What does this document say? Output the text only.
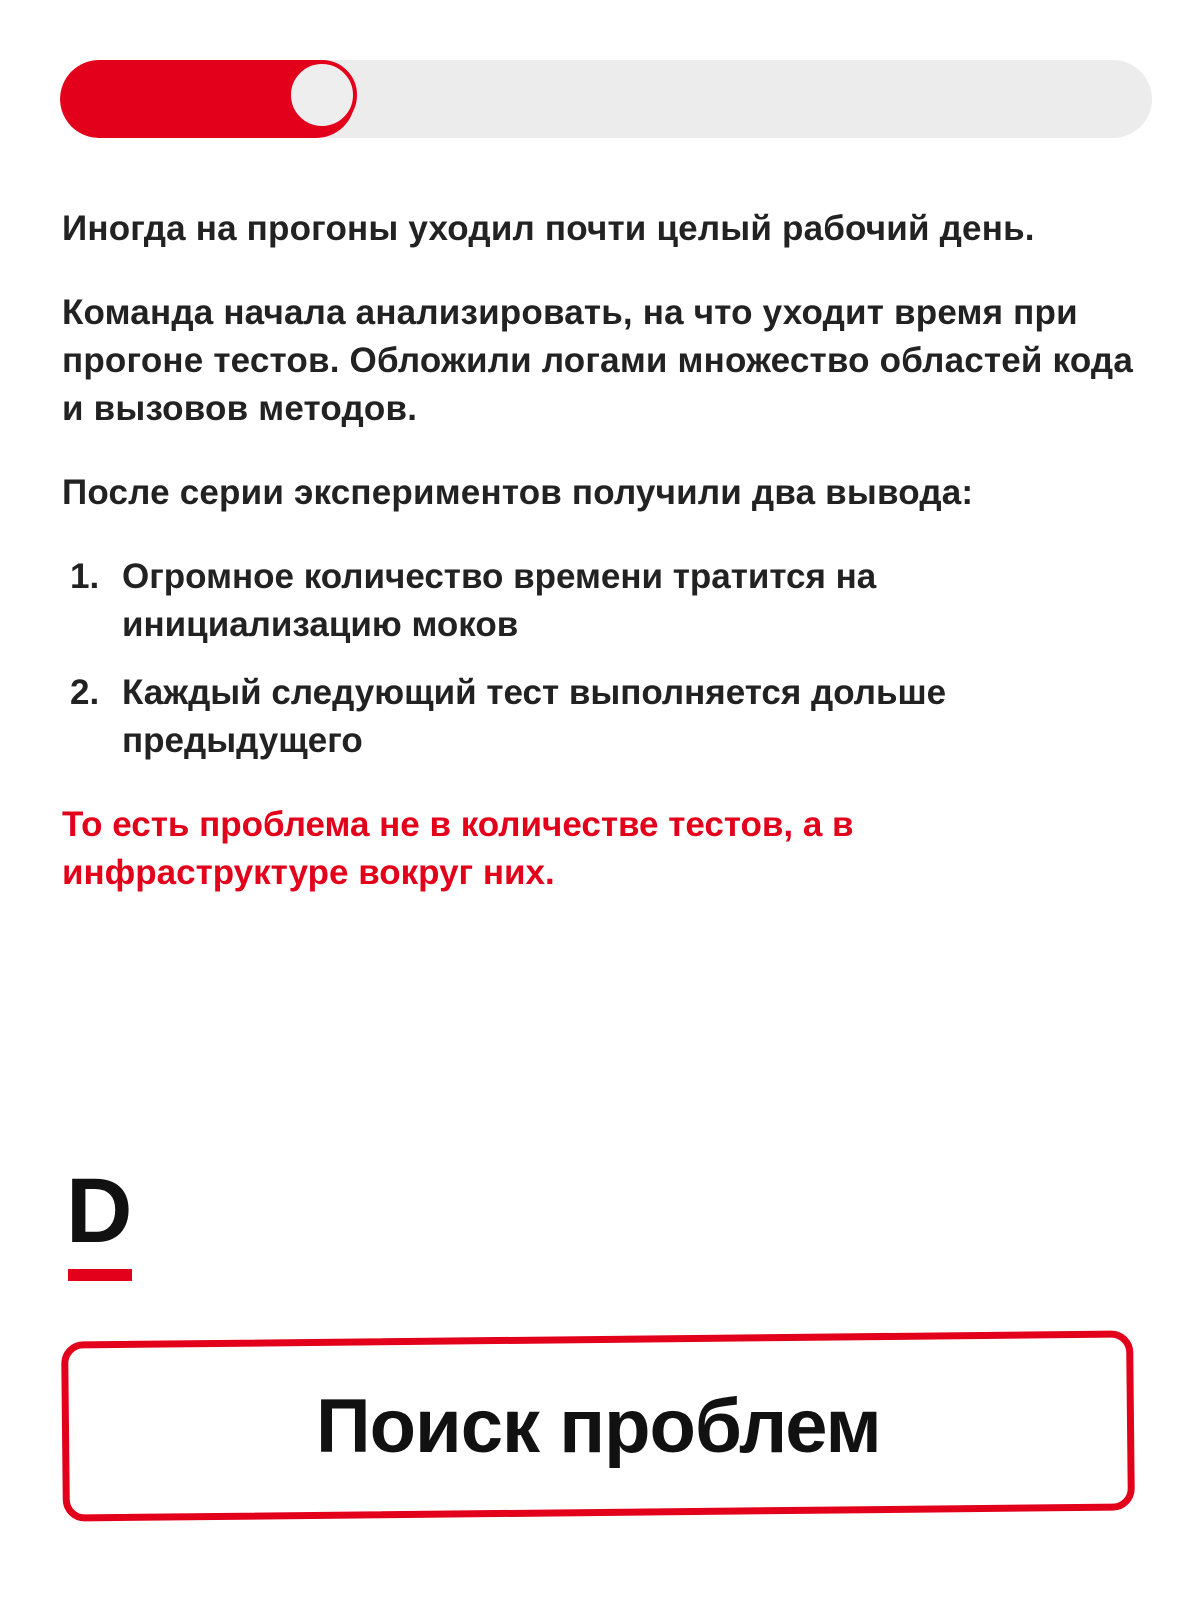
Иногда на прогоны уходил почти целый рабочий день.

Команда начала анализировать, на что уходит время при прогоне тестов. Обложили логами множество областей кода и вызовов методов.

После серии экспериментов получили два вывода:

1. Огромное количество времени тратится на инициализацию моков
2. Каждый следующий тест выполняется дольше предыдущего

То есть проблема не в количестве тестов, а в инфраструктуре вокруг них.

D
Поиск проблем
